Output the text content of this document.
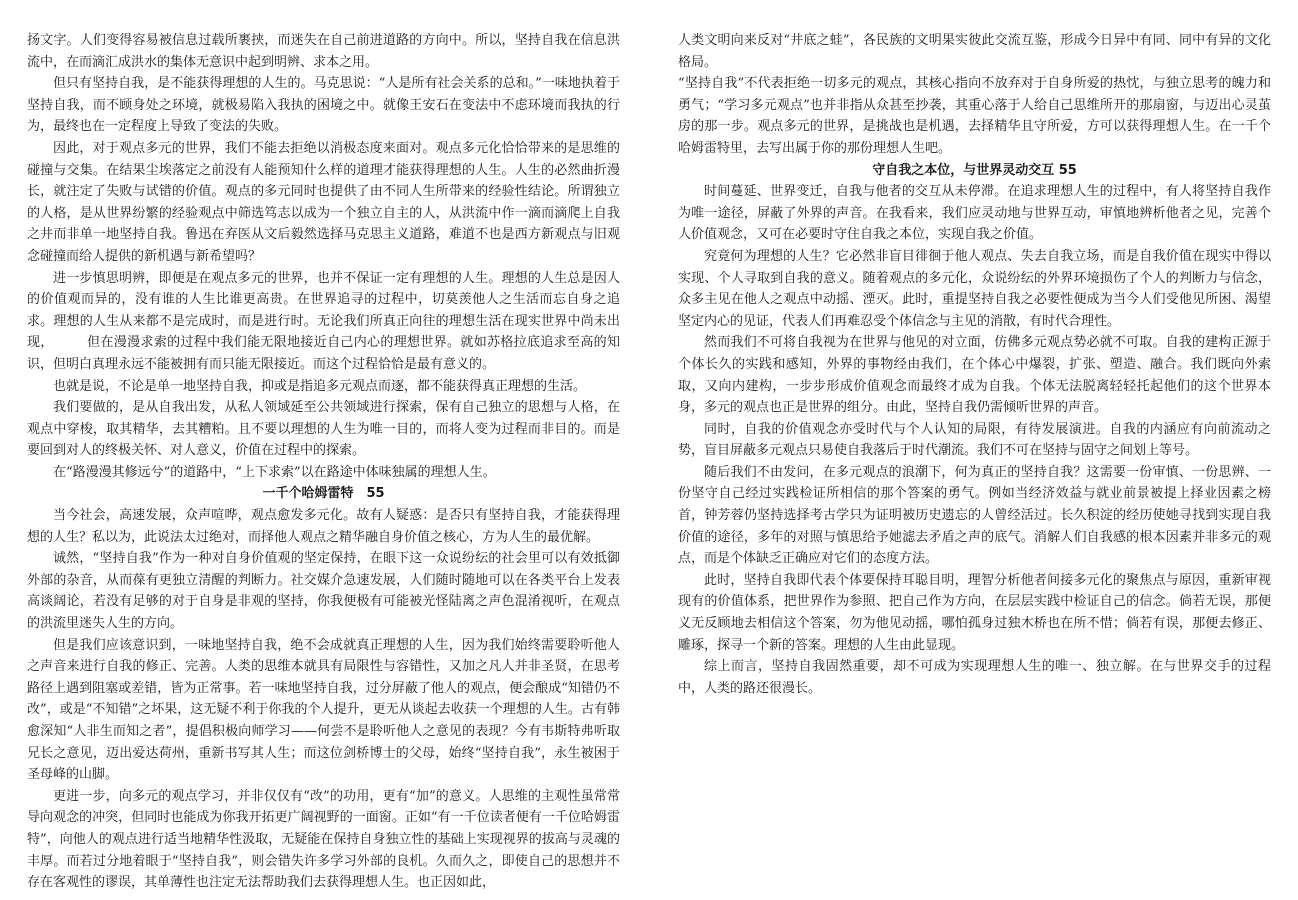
扬文字。人们变得容易被信息过载所裹挟，而迷失在自己前进道路的方向中。所以，坚持自我在信息洪流中，在而滴汇成洪水的集体无意识中起到明辨、求本之用。

但只有坚持自我，是不能获得理想的人生的。马克思说：“人是所有社会关系的总和。”一味地执着于坚持自我，而不顾身处之环境，就极易陷入我执的困境之中。就像王安石在变法中不虑环境而我执的行为，最终也在一定程度上导致了变法的失败。

因此，对于观点多元的世界，我们不能去拒绝以消极态度来面对。观点多元化恰恰带来的是思维的碰撞与交集。在结果尘埃落定之前没有人能预知什么样的道理才能获得理想的人生。人生的必然曲折漫长，就注定了失败与试错的价值。观点的多元同时也提供了由不同人生所带来的经验性结论。所谓独立的人格，是从世界纷繁的经验观点中筛选笃志以成为一个独立自主的人，从洪流中作一滴而滴爬上自我之井而非单一地坚持自我。鲁迅在弃医从文后毅然选择马克思主义道路，难道不也是西方新观点与旧观念碰撞而给人提供的新机遇与新希望吗？

进一步慎思明辨，即便是在观点多元的世界，也并不保证一定有理想的人生。理想的人生总是因人的价值观而异的，没有谁的人生比谁更高贵。在世界追寻的过程中，切莫羡他人之生活而忘自身之追求。理想的人生从来都不是完成时，而是进行时。无论我们所真正向往的理想生活在现实世界中尚未出现，　　　但在漫漫求索的过程中我们能无限地接近自己内心的理想世界。就如苏格拉底追求至高的知识，但明白真理永远不能被拥有而只能无限接近。而这个过程恰恰是最有意义的。

也就是说，不论是单一地坚持自我，抑或是指追多元观点而逐，都不能获得真正理想的生活。

我们要做的，是从自我出发，从私人领域延至公共领域进行探索，保有自己独立的思想与人格，在观点中穿梭，取其精华，去其糟粕。且不要以理想的人生为唯一目的，而将人变为过程而非目的。而是要回到对人的终极关怀、对人意义，价值在过程中的探索。

在“路漫漫其修远兮”的道路中，“上下求索”以在路途中体味独属的理想人生。

一千个哈姆雷特　55

当今社会，高速发展，众声喧哗，观点愈发多元化。故有人疑惑：是否只有坚持自我，才能获得理想的人生？私以为，此说法太过绝对，而择他人观点之精华融自身价值之核心，方为人生的最优解。

诚然，“坚持自我”作为一种对自身价值观的坚定保持，在眼下这一众说纷纭的社会里可以有效抵御外部的杂音，从而葆有更独立清醒的判断力。社交媒介急速发展，人们随时随地可以在各类平台上发表高谈阔论，若没有足够的对于自身是非观的坚持，你我便极有可能被光怪陆离之声色混淆视听，在观点的洪流里迷失人生的方向。

但是我们应该意识到，一味地坚持自我，绝不会成就真正理想的人生，因为我们始终需要聆听他人之声音来进行自我的修正、完善。人类的思维本就具有局限性与容错性，又加之凡人并非圣贤，在思考路径上遇到阻塞或差错，皆为正常事。若一味地坚持自我，过分屏蔽了他人的观点，便会酿成“知错仍不改”，或是“不知错”之坏果，这无疑不利于你我的个人提升，更无从谈起去收获一个理想的人生。古有韩愈深知“人非生而知之者”，提倡积极向师学习——何尝不是聆听他人之意见的表现？今有韦斯特弗听取兄长之意见，迈出爱达荷州，重新书写其人生；而这位剑桥博士的父母，始终“坚持自我”，永生被困于圣母峰的山脚。

更进一步，向多元的观点学习，并非仅仅有“改”的功用，更有“加”的意义。人思维的主观性虽常常导向观念的冲突，但同时也能成为你我开拓更广阔视野的一面窗。正如“有一千位读者便有一千位哈姆雷特”，向他人的观点进行适当地精华性汲取，无疑能在保持自身独立性的基础上实现视界的拔高与灵魂的丰厚。而若过分地着眼于“坚持自我”，则会错失许多学习外部的良机。久而久之，即使自己的思想并不存在客观性的谬误，其单薄性也注定无法帮助我们去获得理想人生。也正因如此，

人类文明向来反对“井底之蛙”，各民族的文明果实彼此交流互鉴，形成今日异中有同、同中有异的文化格局。

“坚持自我”不代表拒绝一切多元的观点，其核心指向不放弃对于自身所爱的热忱，与独立思考的魄力和勇气；“学习多元观点”也并非指从众甚至抄袭，其重心落于人给自己思维所开的那扇窗，与迈出心灵茧房的那一步。观点多元的世界，是挑战也是机遇，去择精华且守所爱，方可以获得理想人生。在一千个哈姆雷特里，去写出属于你的那份理想人生吧。

守自我之本位，与世界灵动交互 55

时间蔓延、世界变迁，自我与他者的交互从未停滞。在追求理想人生的过程中，有人将坚持自我作为唯一途径，屏蔽了外界的声音。在我看来，我们应灵动地与世界互动，审慎地辨析他者之见，完善个人价值观念，又可在必要时守住自我之本位，实现自我之价值。

究竟何为理想的人生？它必然非盲目徘徊于他人观点、失去自我立场，而是自我价值在现实中得以实现、个人寻取到自我的意义。随着观点的多元化，众说纷纭的外界环境损伤了个人的判断力与信念，众多主见在他人之观点中动摇、湮灭。此时，重提坚持自我之必要性便成为当今人们受他见所困、渴望坚定内心的见证，代表人们再难忍受个体信念与主见的消散，有时代合理性。

然而我们不可将自我视为在世界与他见的对立面，仿佛多元观点势必就不可取。自我的建构正源于个体长久的实践和感知，外界的事物经由我们，在个体心中爆裂，扩张、塑造、融合。我们既向外索取，又向内建构，一步步形成价值观念而最终才成为自我。个体无法脱离轻轻托起他们的这个世界本身，多元的观点也正是世界的组分。由此，坚持自我仍需倾听世界的声音。

同时，自我的价值观念亦受时代与个人认知的局限，有待发展演进。自我的内涵应有向前流动之势，盲目屏蔽多元观点只易使自我落后于时代潮流。我们不可在坚持与固守之间划上等号。

随后我们不由发问，在多元观点的浪潮下，何为真正的坚持自我？这需要一份审慎、一份思辨、一份坚守自己经过实践检证所相信的那个答案的勇气。例如当经济效益与就业前景被提上择业因素之榜首，钟芳蓉仍坚持选择考古学只为证明被历史遗忘的人曾经活过。长久积淀的经历使她寻找到实现自我价值的途径，多年的对照与慎思给予她滤去矛盾之声的底气。消解人们自我感的根本因素并非多元的观点，而是个体缺乏正确应对它们的态度方法。

此时，坚持自我即代表个体要保持耳聪目明，理智分析他者间接多元化的聚焦点与原因，重新审视现有的价值体系，把世界作为参照、把自己作为方向，在层层实践中检证自己的信念。倘若无误，那便义无反顾地去相信这个答案，勿为他见动摇，哪怕孤身过独木桥也在所不惜；倘若有误，那便去修正、雕琢，探寻一个新的答案。理想的人生由此显现。

综上而言，坚持自我固然重要，却不可成为实现理想人生的唯一、独立解。在与世界交手的过程中，人类的路还很漫长。
